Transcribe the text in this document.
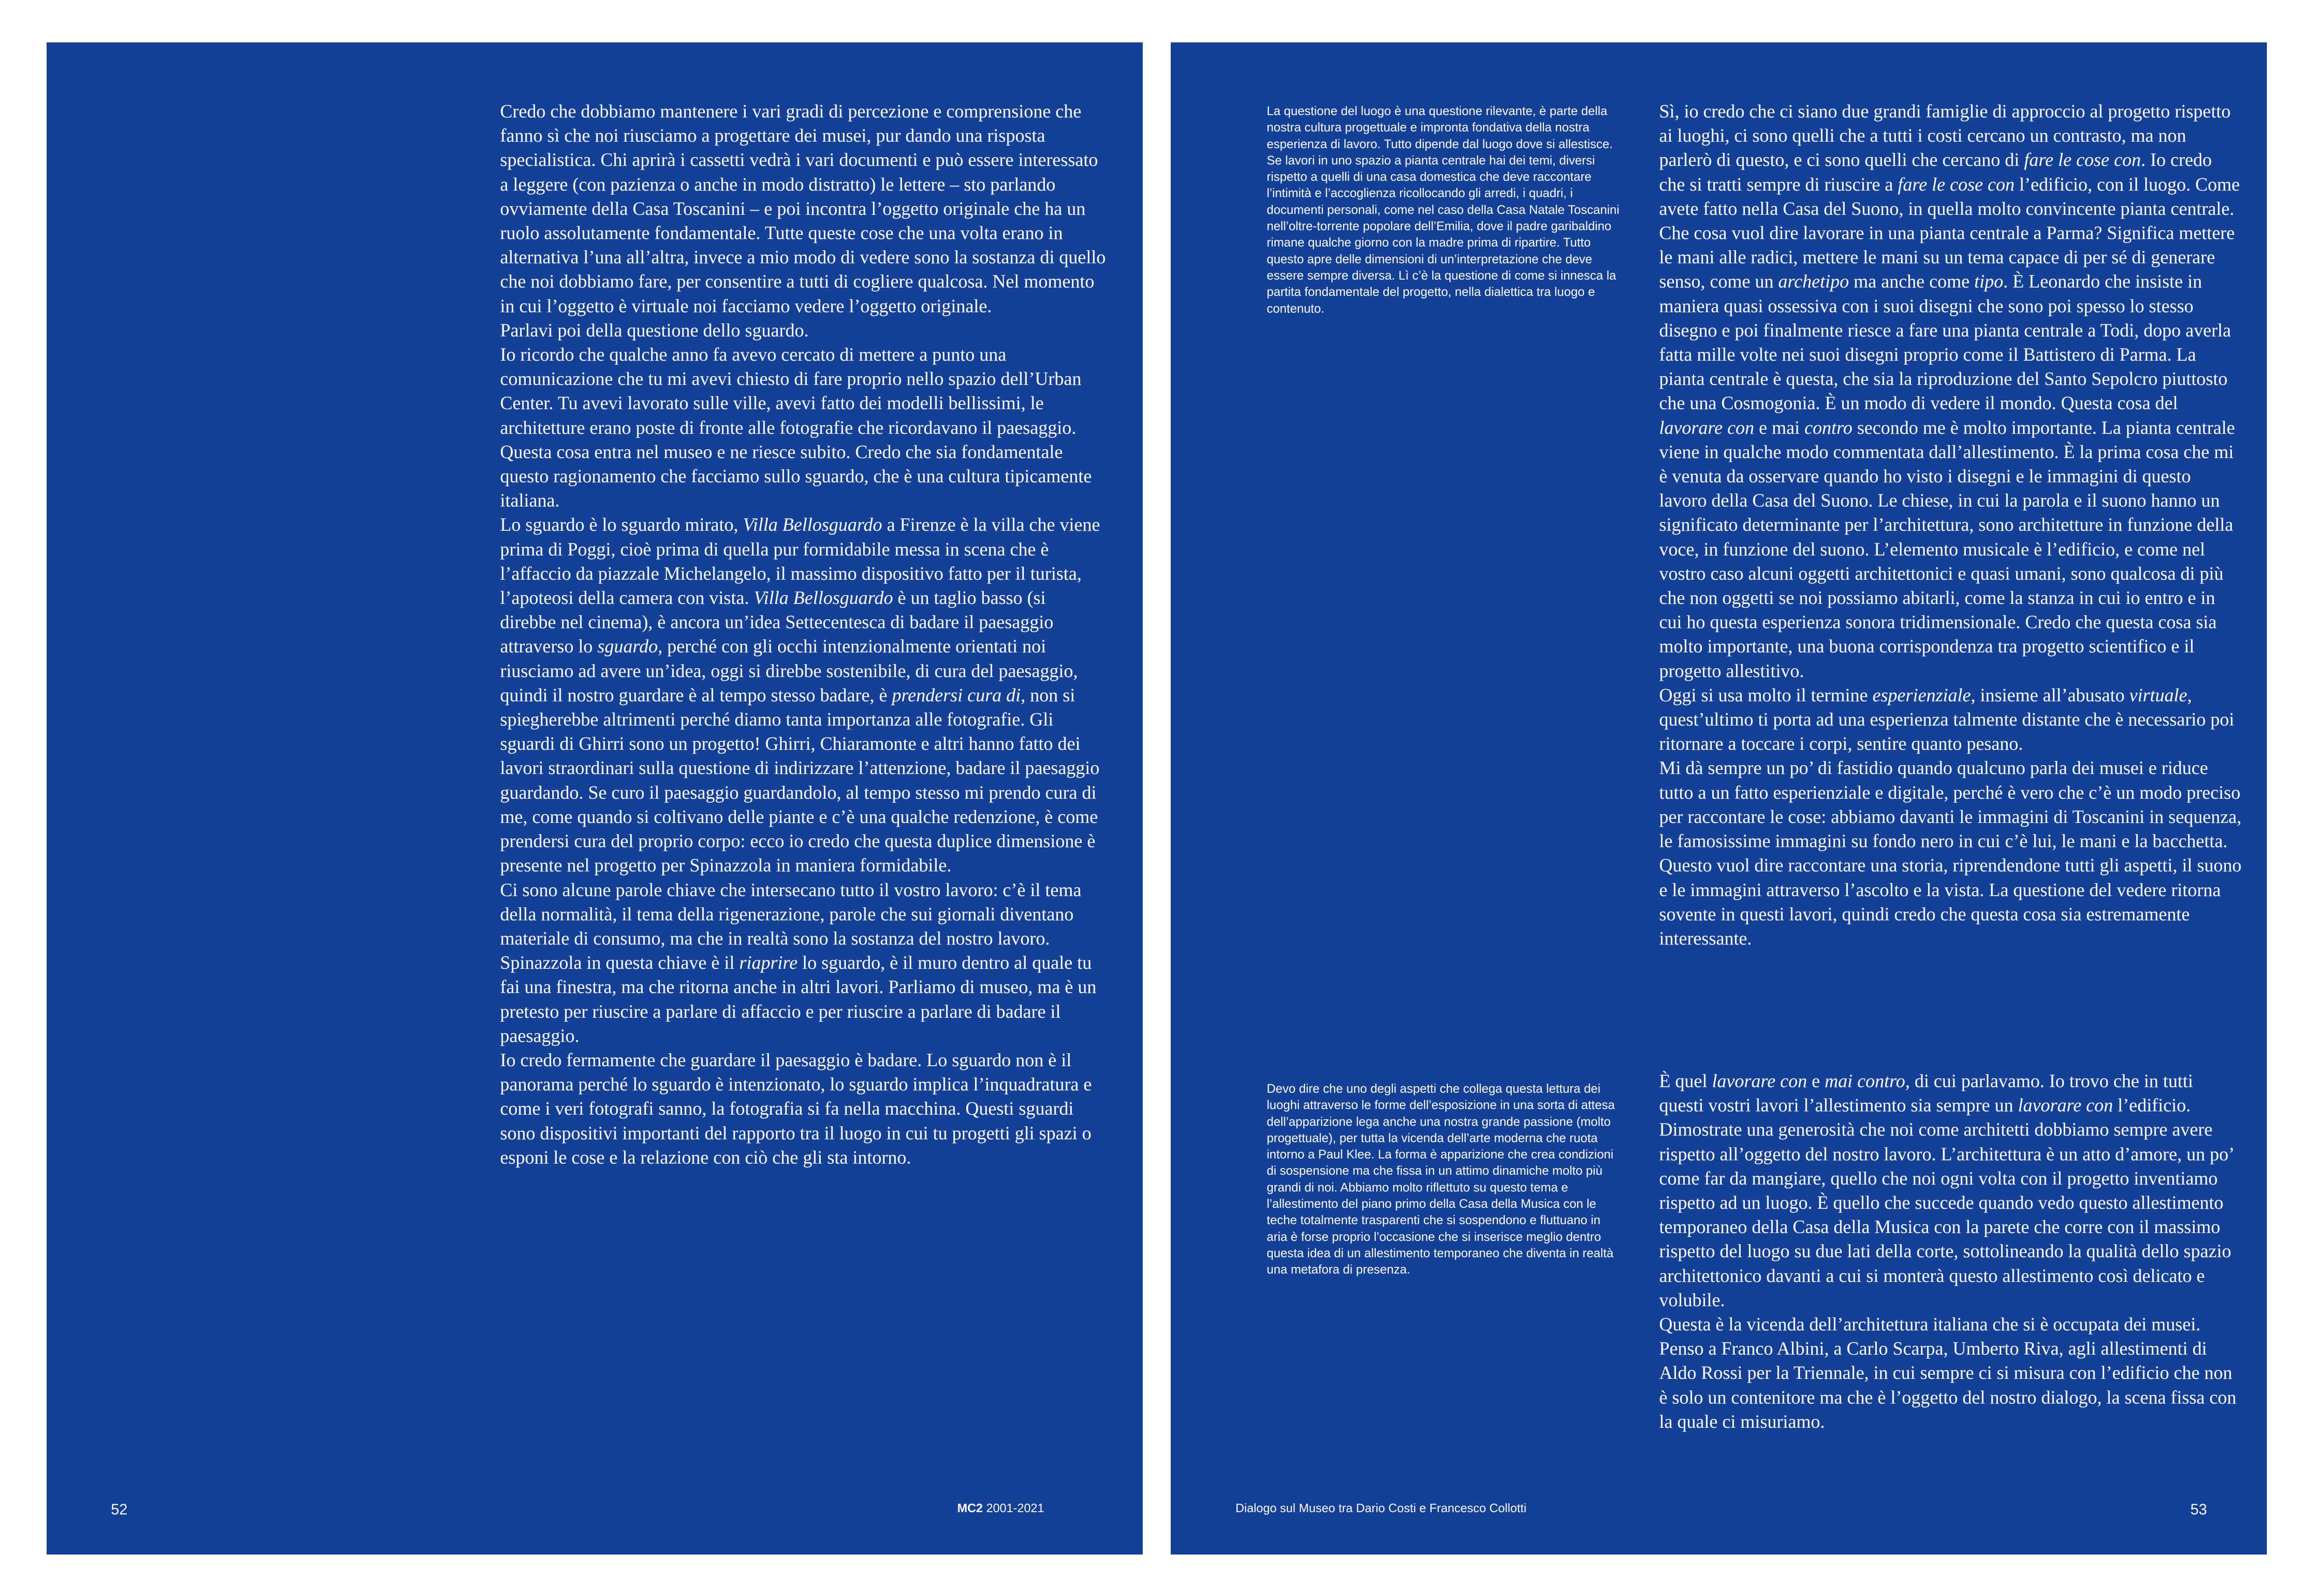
Credo che dobbiamo mantenere i vari gradi di percezione e comprensione che fanno sì che noi riusciamo a progettare dei musei, pur dando una risposta specialistica. Chi aprirà i cassetti vedrà i vari documenti e può essere interessato a leggere (con pazienza o anche in modo distratto) le lettere – sto parlando ovviamente della Casa Toscanini – e poi incontra l’oggetto originale che ha un ruolo assolutamente fondamentale. Tutte queste cose che una volta erano in alternativa l’una all’altra, invece a mio modo di vedere sono la sostanza di quello che noi dobbiamo fare, per consentire a tutti di cogliere qualcosa. Nel momento in cui l’oggetto è virtuale noi facciamo vedere l’oggetto originale.

Parlavi poi della questione dello sguardo.

Io ricordo che qualche anno fa avevo cercato di mettere a punto una comunicazione che tu mi avevi chiesto di fare proprio nello spazio dell’Urban Center. Tu avevi lavorato sulle ville, avevi fatto dei modelli bellissimi, le architetture erano poste di fronte alle fotografie che ricordavano il paesaggio. Questa cosa entra nel museo e ne riesce subito. Credo che sia fondamentale questo ragionamento che facciamo sullo sguardo, che è una cultura tipicamente italiana.

Lo sguardo è lo sguardo mirato, Villa Bellosguardo a Firenze è la villa che viene prima di Poggi, cioè prima di quella pur formidabile messa in scena che è l’affaccio da piazzale Michelangelo, il massimo dispositivo fatto per il turista, l’apoteosi della camera con vista. Villa Bellosguardo è un taglio basso (si direbbe nel cinema), è ancora un’idea Settecentesca di badare il paesaggio attraverso lo sguardo, perché con gli occhi intenzionalmente orientati noi riusciamo ad avere un’idea, oggi si direbbe sostenibile, di cura del paesaggio, quindi il nostro guardare è al tempo stesso badare, è prendersi cura di, non si spiegherebbe altrimenti perché diamo tanta importanza alle fotografie. Gli sguardi di Ghirri sono un progetto! Ghirri, Chiaramonte e altri hanno fatto dei lavori straordinari sulla questione di indirizzare l’attenzione, badare il paesaggio guardando. Se curo il paesaggio guardandolo, al tempo stesso mi prendo cura di me, come quando si coltivano delle piante e c’è una qualche redenzione, è come prendersi cura del proprio corpo: ecco io credo che questa duplice dimensione è presente nel progetto per Spinazzola in maniera formidabile.

Ci sono alcune parole chiave che intersecano tutto il vostro lavoro: c’è il tema della normalità, il tema della rigenerazione, parole che sui giornali diventano materiale di consumo, ma che in realtà sono la sostanza del nostro lavoro.

Spinazzola in questa chiave è il riaprire lo sguardo, è il muro dentro al quale tu fai una finestra, ma che ritorna anche in altri lavori. Parliamo di museo, ma è un pretesto per riuscire a parlare di affaccio e per riuscire a parlare di badare il paesaggio.

Io credo fermamente che guardare il paesaggio è badare. Lo sguardo non è il panorama perché lo sguardo è intenzionato, lo sguardo implica l’inquadratura e come i veri fotografi sanno, la fotografia si fa nella macchina. Questi sguardi sono dispositivi importanti del rapporto tra il luogo in cui tu progetti gli spazi o esponi le cose e la relazione con ciò che gli sta intorno.

52	MC2 2001-2021

La questione del luogo è una questione rilevante, è parte della nostra cultura progettuale e impronta fondativa della nostra esperienza di lavoro. Tutto dipende dal luogo dove si allestisce. Se lavori in uno spazio a pianta centrale hai dei temi, diversi rispetto a quelli di una casa domestica che deve raccontare l’intimità e l’accoglienza ricollocando gli arredi, i quadri, i documenti personali, come nel caso della Casa Natale Toscanini nell’oltre-torrente popolare dell’Emilia, dove il padre garibaldino rimane qualche giorno con la madre prima di ripartire. Tutto questo apre delle dimensioni di un’interpretazione che deve essere sempre diversa. Lì c’è la questione di come si innesca la partita fondamentale del progetto, nella dialettica tra luogo e contenuto.

Devo dire che uno degli aspetti che collega questa lettura dei luoghi attraverso le forme dell’esposizione in una sorta di attesa dell’apparizione lega anche una nostra grande passione (molto progettuale), per tutta la vicenda dell’arte moderna che ruota intorno a Paul Klee. La forma è apparizione che crea condizioni di sospensione ma che fissa in un attimo dinamiche molto più grandi di noi. Abbiamo molto riflettuto su questo tema e l’allestimento del piano primo della Casa della Musica con le teche totalmente trasparenti che si sospendono e fluttuano in aria è forse proprio l’occasione che si inserisce meglio dentro questa idea di un allestimento temporaneo che diventa in realtà una metafora di presenza.

Sì, io credo che ci siano due grandi famiglie di approccio al progetto rispetto ai luoghi, ci sono quelli che a tutti i costi cercano un contrasto, ma non parlerò di questo, e ci sono quelli che cercano di fare le cose con. Io credo che si tratti sempre di riuscire a fare le cose con l’edificio, con il luogo. Come avete fatto nella Casa del Suono, in quella molto convincente pianta centrale.

Che cosa vuol dire lavorare in una pianta centrale a Parma? Significa mettere le mani alle radici, mettere le mani su un tema capace di per sé di generare senso, come un archetipo ma anche come tipo. È Leonardo che insiste in maniera quasi ossessiva con i suoi disegni che sono poi spesso lo stesso disegno e poi finalmente riesce a fare una pianta centrale a Todi, dopo averla fatta mille volte nei suoi disegni proprio come il Battistero di Parma. La pianta centrale è questa, che sia la riproduzione del Santo Sepolcro piuttosto che una Cosmogonia. È un modo di vedere il mondo. Questa cosa del lavorare con e mai contro secondo me è molto importante. La pianta centrale viene in qualche modo commentata dall’allestimento. È la prima cosa che mi è venuta da osservare quando ho visto i disegni e le immagini di questo lavoro della Casa del Suono. Le chiese, in cui la parola e il suono hanno un significato determinante per l’architettura, sono architetture in funzione della voce, in funzione del suono. L’elemento musicale è l’edificio, e come nel vostro caso alcuni oggetti architettonici e quasi umani, sono qualcosa di più che non oggetti se noi possiamo abitarli, come la stanza in cui io entro e in cui ho questa esperienza sonora tridimensionale. Credo che questa cosa sia molto importante, una buona corrispondenza tra progetto scientifico e il progetto allestitivo.

Oggi si usa molto il termine esperienziale, insieme all’abusato virtuale, quest’ultimo ti porta ad una esperienza talmente distante che è necessario poi ritornare a toccare i corpi, sentire quanto pesano.

Mi dà sempre un po’ di fastidio quando qualcuno parla dei musei e riduce tutto a un fatto esperienziale e digitale, perché è vero che c’è un modo preciso per raccontare le cose: abbiamo davanti le immagini di Toscanini in sequenza, le famosissime immagini su fondo nero in cui c’è lui, le mani e la bacchetta. Questo vuol dire raccontare una storia, riprendendone tutti gli aspetti, il suono e le immagini attraverso l’ascolto e la vista. La questione del vedere ritorna sovente in questi lavori, quindi credo che questa cosa sia estremamente interessante.

È quel lavorare con e mai contro, di cui parlavamo. Io trovo che in tutti questi vostri lavori l’allestimento sia sempre un lavorare con l’edificio. Dimostrate una generosità che noi come architetti dobbiamo sempre avere rispetto all’oggetto del nostro lavoro. L’architettura è un atto d’amore, un po’ come far da mangiare, quello che noi ogni volta con il progetto inventiamo rispetto ad un luogo. È quello che succede quando vedo questo allestimento temporaneo della Casa della Musica con la parete che corre con il massimo rispetto del luogo su due lati della corte, sottolineando la qualità dello spazio architettonico davanti a cui si monterà questo allestimento così delicato e volubile.

Questa è la vicenda dell’architettura italiana che si è occupata dei musei. Penso a Franco Albini, a Carlo Scarpa, Umberto Riva, agli allestimenti di Aldo Rossi per la Triennale, in cui sempre ci si misura con l’edificio che non è solo un contenitore ma che è l’oggetto del nostro dialogo, la scena fissa con la quale ci misuriamo.

Dialogo sul Museo tra Dario Costi e Francesco Collotti	53
